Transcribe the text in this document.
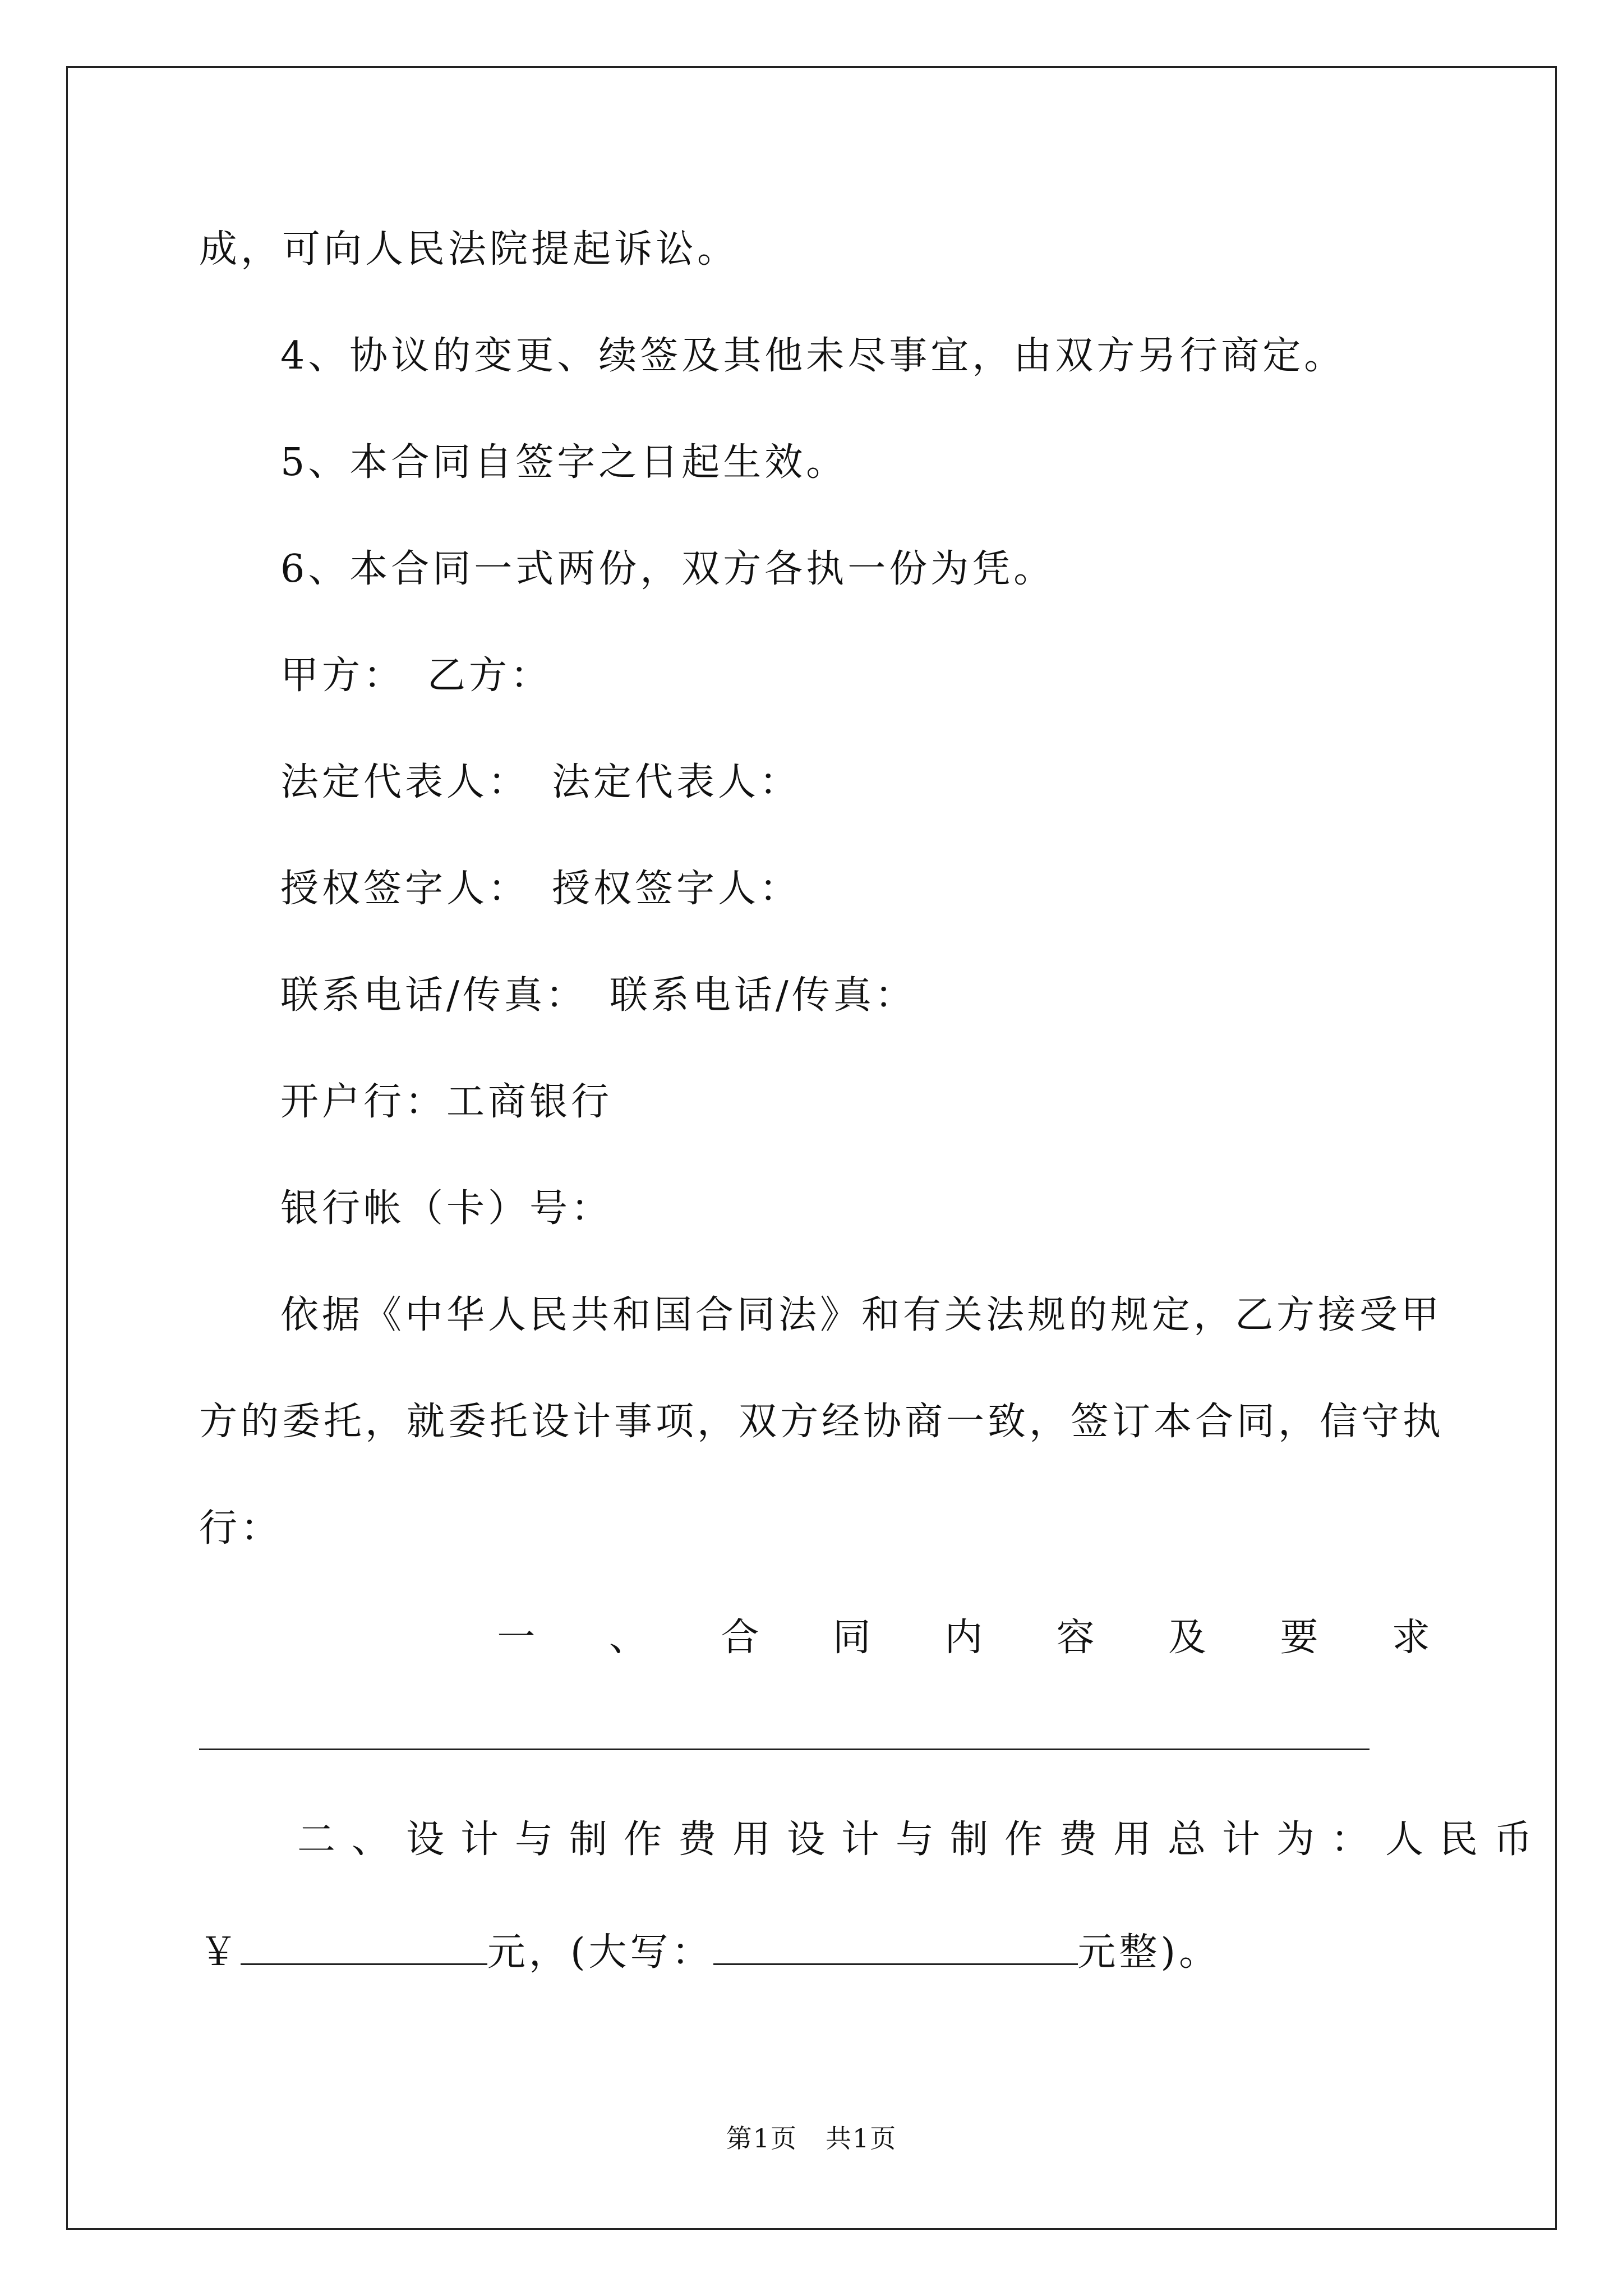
成，可向人民法院提起诉讼。
4、协议的变更、续签及其他未尽事宜，由双方另行商定。
5、本合同自签字之日起生效。
6、本合同一式两份，双方各执一份为凭。
甲方： 乙方：
法定代表人： 法定代表人：
授权签字人： 授权签字人：
联系电话/传真： 联系电话/传真：
开户行：工商银行
银行帐（卡）号：
依据《中华人民共和国合同法》和有关法规的规定，乙方接受甲
方的委托，就委托设计事项，双方经协商一致，签订本合同，信守执
行：
一 、 合 同 内 容 及 要 求
二、设计与制作费用设计与制作费用总计为：人民币
￥	元，(大写：	元整)。
第1页 共1页
